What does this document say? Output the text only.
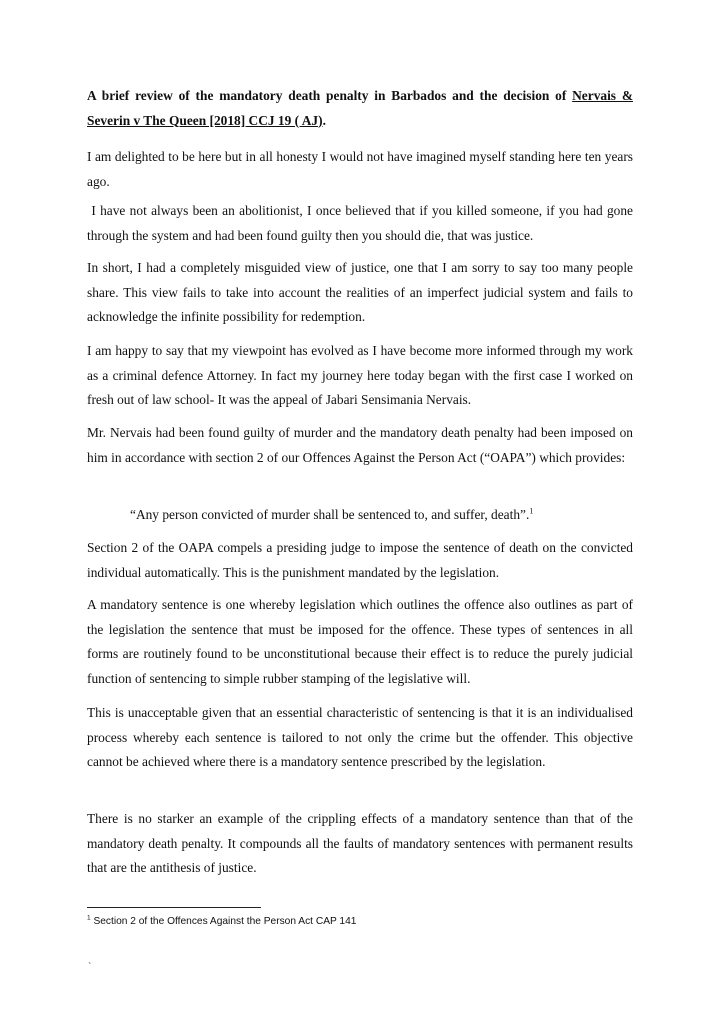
A brief review of the mandatory death penalty in Barbados and the decision of Nervais & Severin v The Queen [2018] CCJ 19 ( AJ).
I am delighted to be here but in all honesty I would not have imagined myself standing here ten years ago.
I have not always been an abolitionist, I once believed that if you killed someone, if you had gone through the system and had been found guilty then you should die, that was justice.
In short, I had a completely misguided view of justice, one that I am sorry to say too many people share. This view fails to take into account the realities of an imperfect judicial system and fails to acknowledge the infinite possibility for redemption.
I am happy to say that my viewpoint has evolved as I have become more informed through my work as a criminal defence Attorney. In fact my journey here today began with the first case I worked on fresh out of law school- It was the appeal of Jabari Sensimania Nervais.
Mr. Nervais had been found guilty of murder and the mandatory death penalty had been imposed on him in accordance with section 2 of our Offences Against the Person Act (“OAPA”) which provides:
“Any person convicted of murder shall be sentenced to, and suffer, death”.$^1$
Section 2 of the OAPA compels a presiding judge to impose the sentence of death on the convicted individual automatically. This is the punishment mandated by the legislation.
A mandatory sentence is one whereby legislation which outlines the offence also outlines as part of the legislation the sentence that must be imposed for the offence. These types of sentences in all forms are routinely found to be unconstitutional because their effect is to reduce the purely judicial function of sentencing to simple rubber stamping of the legislative will.
This is unacceptable given that an essential characteristic of sentencing is that it is an individualised process whereby each sentence is tailored to not only the crime but the offender. This objective cannot be achieved where there is a mandatory sentence prescribed by the legislation.
There is no starker an example of the crippling effects of a mandatory sentence than that of the mandatory death penalty. It compounds all the faults of mandatory sentences with permanent results that are the antithesis of justice.
$^1$ Section 2 of the Offences Against the Person Act CAP 141
`
